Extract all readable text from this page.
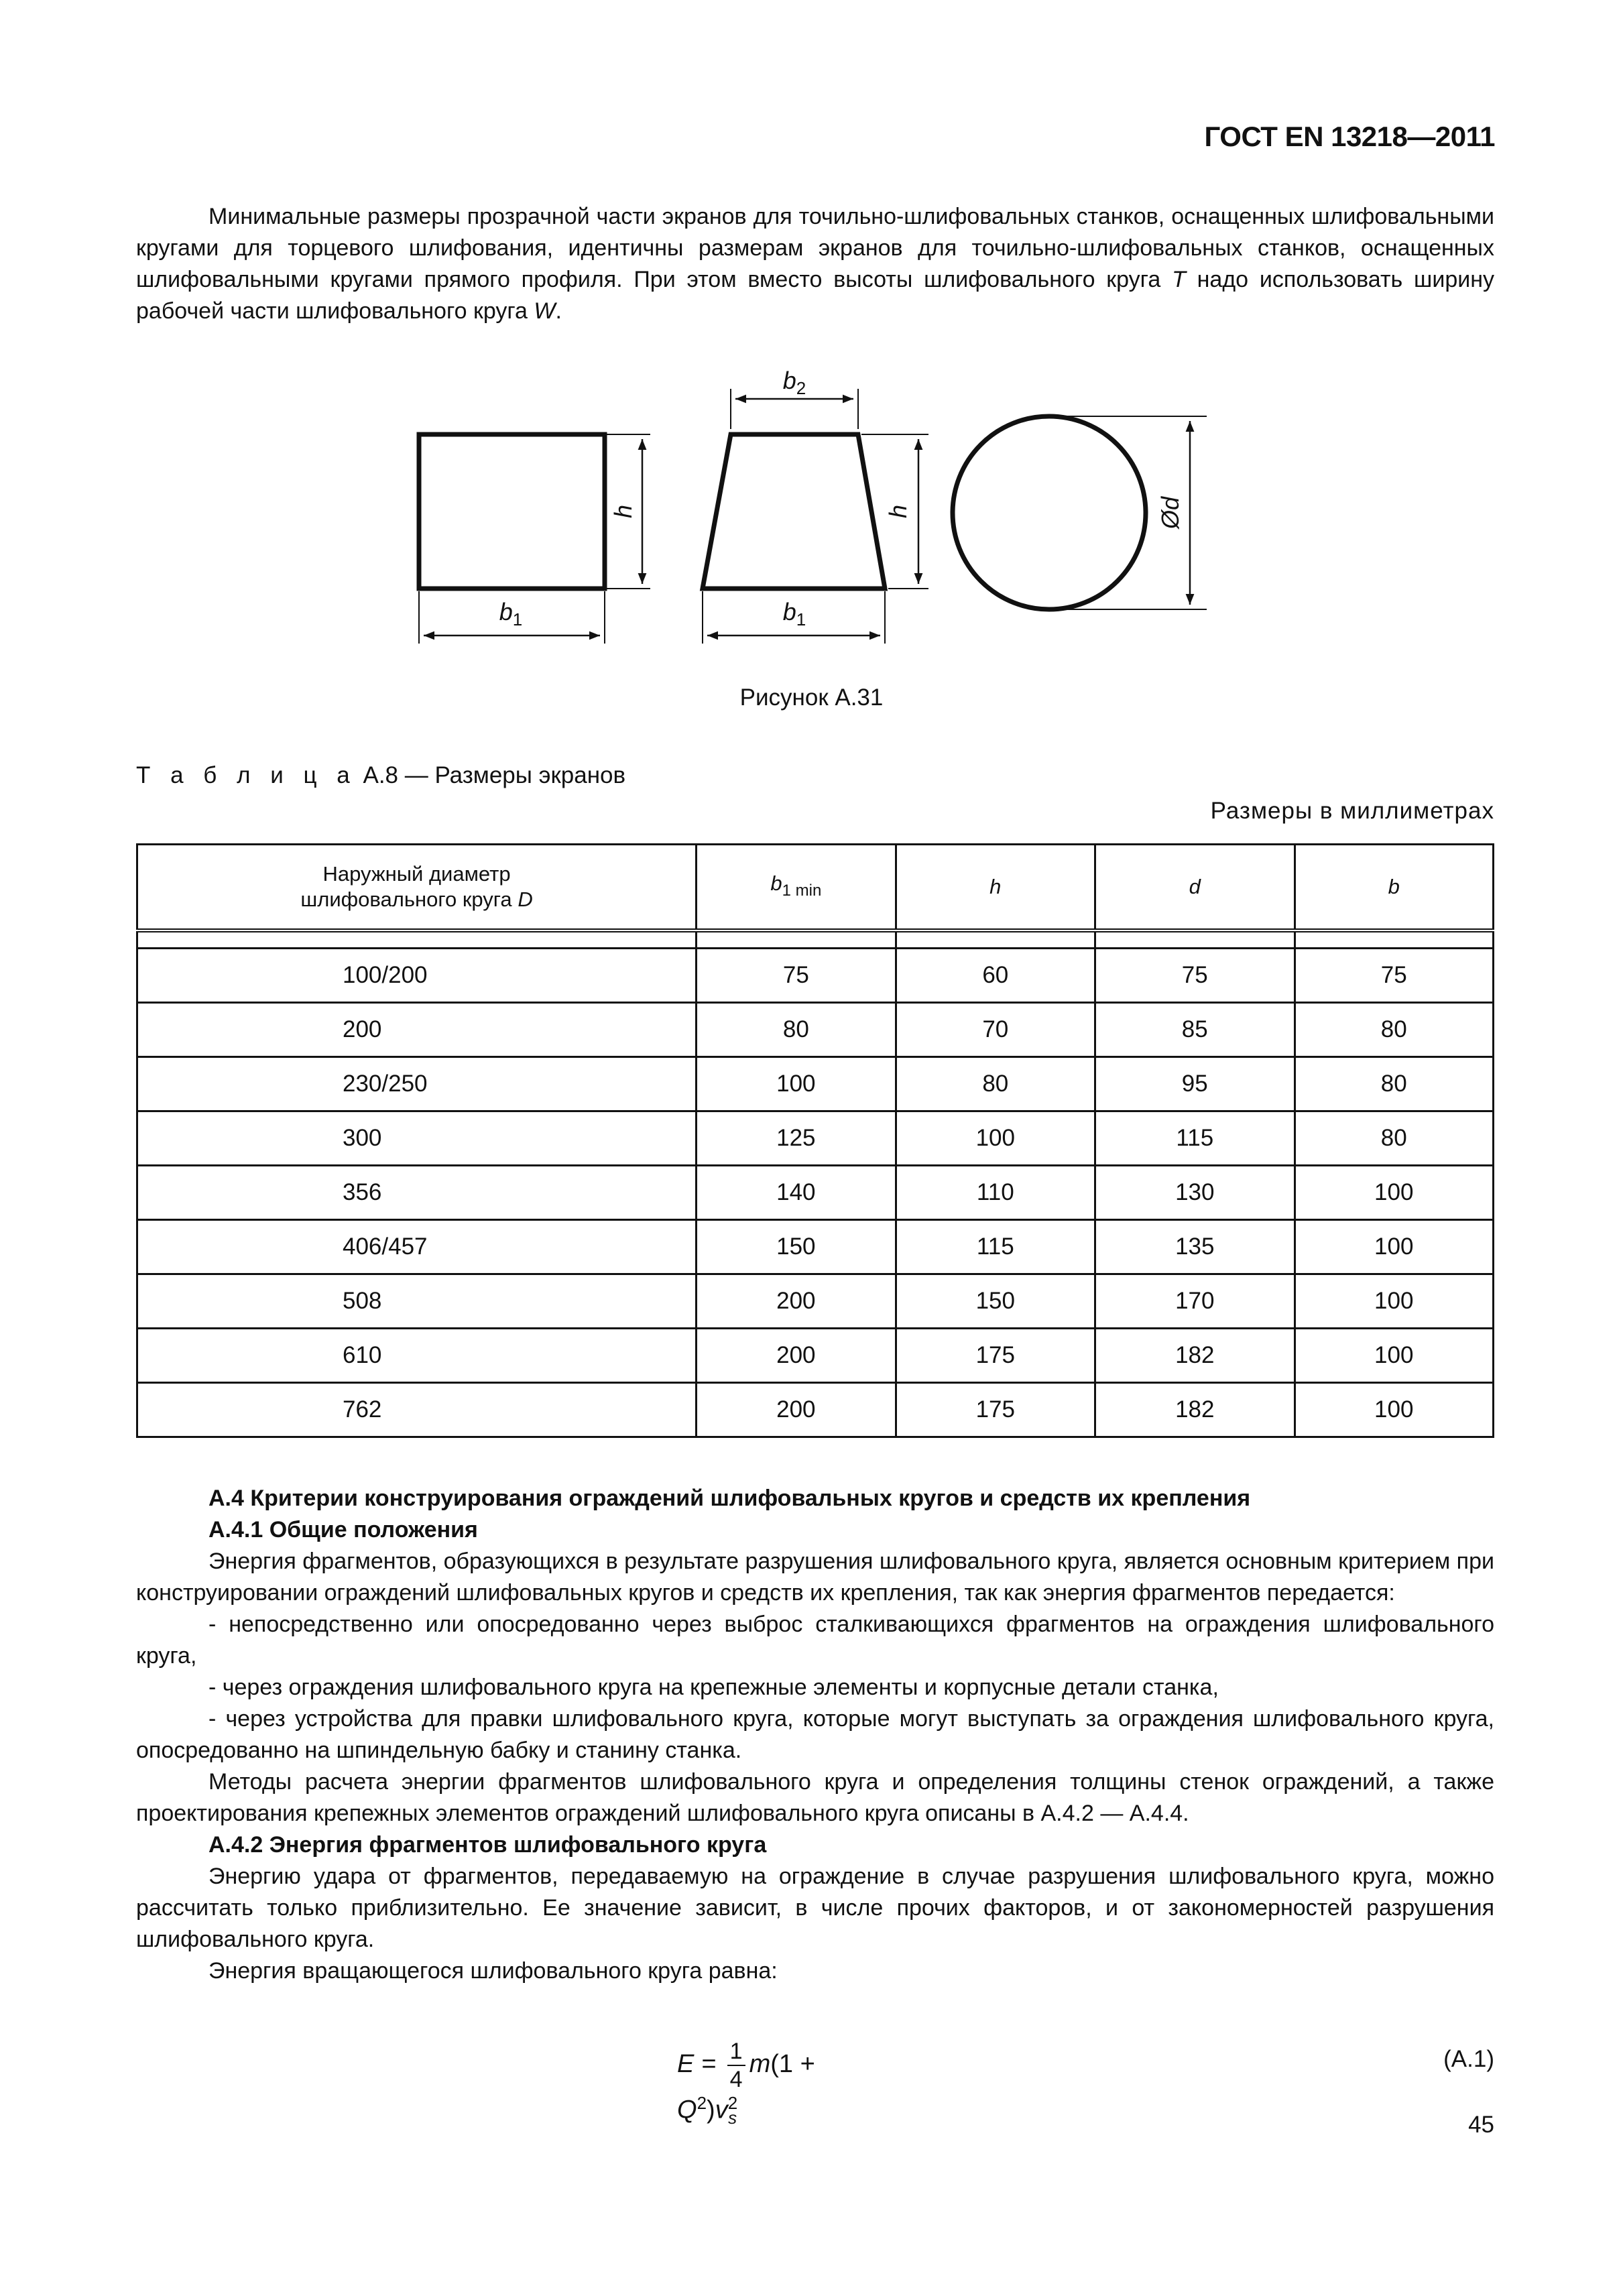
ГОСТ EN 13218—2011
Минимальные размеры прозрачной части экранов для точильно-шлифовальных станков, оснащенных шлифовальными кругами для торцевого шлифования, идентичны размерам экранов для точильно-шлифовальных станков, оснащенных шлифовальными кругами прямого профиля. При этом вместо высоты шлифовального круга T надо использовать ширину рабочей части шлифовального круга W.
$b_1$
h
$b_2$
h
$b_1$
Ød
Рисунок А.31
Т а б л и ц а А.8 — Размеры экранов
Размеры в миллиметрах
Наружный диаметр
шлифовального круга D	$b_{1 min}$	h	d	b

100/200	75	60	75	75
200	80	70	85	80
230/250	100	80	95	80
300	125	100	115	80
356	140	110	130	100
406/457	150	115	135	100
508	200	150	170	100
610	200	175	182	100
762	200	175	182	100
А.4 Критерии конструирования ограждений шлифовальных кругов и средств их крепления
А.4.1 Общие положения
Энергия фрагментов, образующихся в результате разрушения шлифовального круга, является основным критерием при конструировании ограждений шлифовальных кругов и средств их крепления, так как энергия фрагментов передается:
- непосредственно или опосредованно через выброс сталкивающихся фрагментов на ограждения шлифовального круга,
- через ограждения шлифовального круга на крепежные элементы и корпусные детали станка,
- через устройства для правки шлифовального круга, которые могут выступать за ограждения шлифовального круга, опосредованно на шпиндельную бабку и станину станка.
Методы расчета энергии фрагментов шлифовального круга и определения толщины стенок ограждений, а также проектирования крепежных элементов ограждений шлифовального круга описаны в А.4.2 — А.4.4.
А.4.2 Энергия фрагментов шлифовального круга
Энергию удара от фрагментов, передаваемую на ограждение в случае разрушения шлифовального круга, можно рассчитать только приблизительно. Ее значение зависит, в числе прочих факторов, и от закономерностей разрушения шлифовального круга.
Энергия вращающегося шлифовального круга равна:
$E = \frac{1}{4} m(1 + Q^2)v^2_s$
(А.1)
45
